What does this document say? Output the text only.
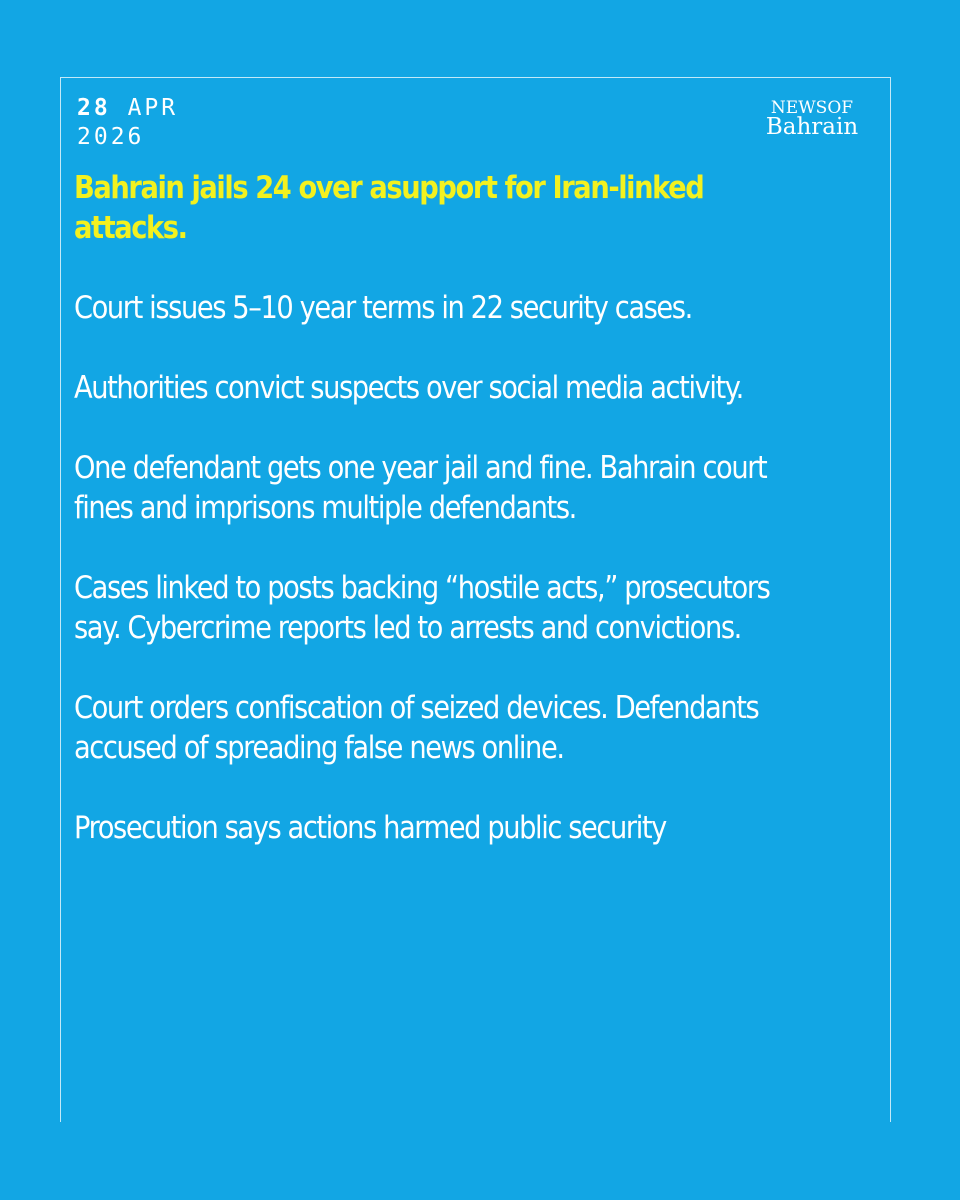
28 APR
2026
NEWSOF
Bahrain

Bahrain jails 24 over asupport for Iran-linked attacks.

Court issues 5–10 year terms in 22 security cases.

Authorities convict suspects over social media activity.

One defendant gets one year jail and fine. Bahrain court fines and imprisons multiple defendants.

Cases linked to posts backing “hostile acts,” prosecutors say. Cybercrime reports led to arrests and convictions.

Court orders confiscation of seized devices. Defendants accused of spreading false news online.

Prosecution says actions harmed public security
